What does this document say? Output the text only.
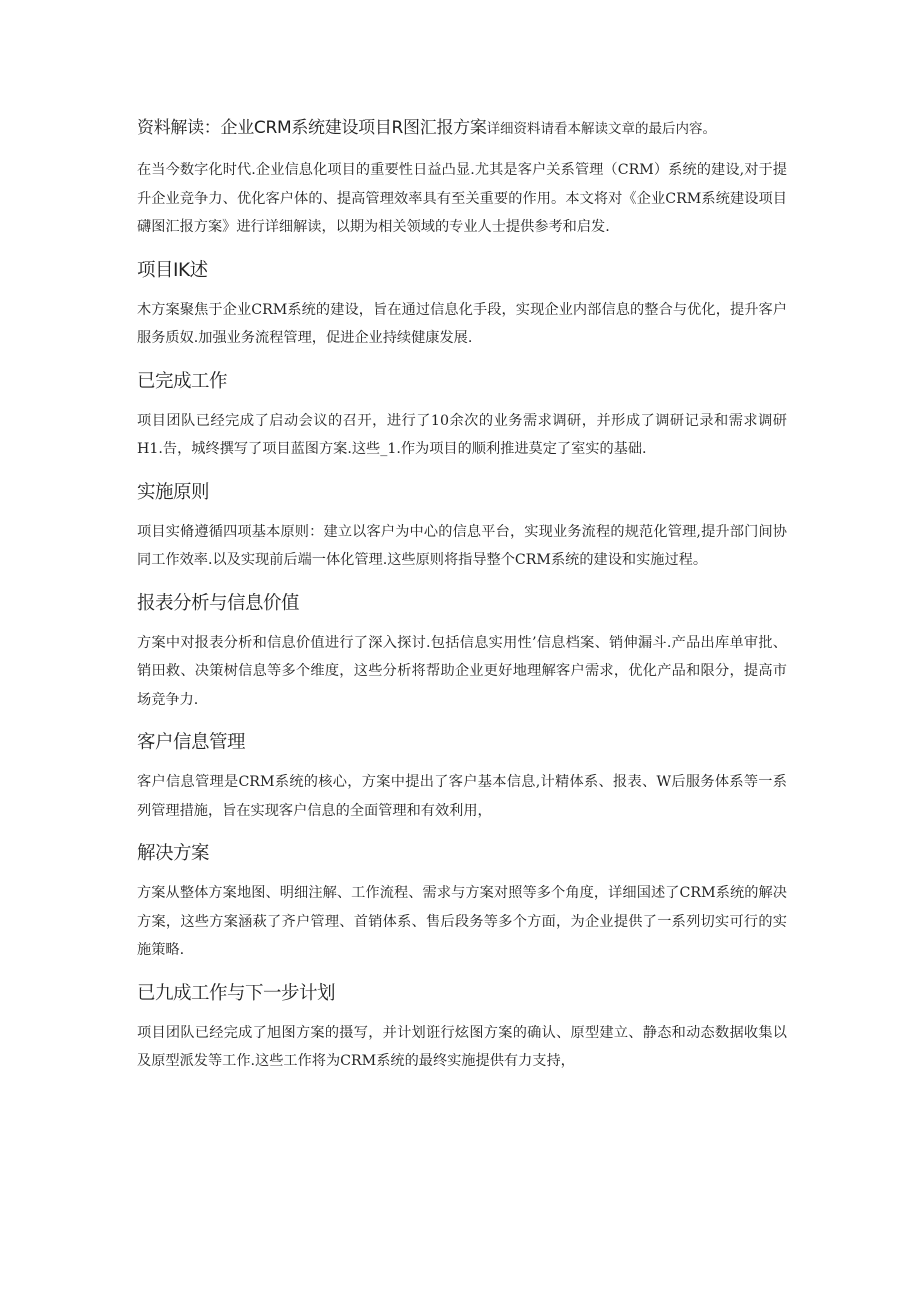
资料解读：企业CRM系统建设项目R图汇报方案详细资料请看本解读文章的最后内容。

在当今数字化时代.企业信息化项目的重要性日益凸显.尤其是客户关系管理（CRM）系统的建设,对于提升企业竞争力、优化客户体的、提高管理效率具有至关重要的作用。本文将对《企业CRM系统建设项目礴图汇报方案》进行详细解读，以期为相关领域的专业人士提供参考和启发.

项目IK述

木方案聚焦于企业CRM系统的建设，旨在通过信息化手段，实现企业内部信息的整合与优化，提升客户服务质奴.加强业务流程管理，促进企业持续健康发展.

已完成工作

项目团队已经完成了启动会议的召开，进行了10余次的业务需求调研，并形成了调研记录和需求调研H1.告，城终撰写了项目蓝图方案.这些_1.作为项目的顺利推进莫定了室实的基础.

实施原则

项目实脩遵循四项基本原则：建立以客户为中心的信息平台，实现业务流程的规范化管理,提升部门间协同工作效率.以及实现前后端一体化管理.这些原则将指导整个CRM系统的建设和实施过程。

报表分析与信息价值

方案中对报表分析和信息价值进行了深入探讨.包括信息实用性’信息档案、销伸漏斗.产品出库单审批、销田救、决策树信息等多个维度，这些分析将帮助企业更好地理解客户需求，优化产品和限分，提高市场竞争力.

客户信息管理

客户信息管理是CRM系统的核心，方案中提出了客户基本信息,计精体系、报表、W后服务体系等一系列管理措施，旨在实现客户信息的全面管理和有效利用，

解决方案

方案从整体方案地图、明细注解、工作流程、需求与方案对照等多个角度，详细国述了CRM系统的解决方案，这些方案涵萩了齐户管理、首销体系、售后段务等多个方面，为企业提供了一系列切实可行的实施策略.

已九成工作与下一步计划

项目团队已经完成了旭图方案的摄写，并计划诳行炫图方案的确认、原型建立、静态和动态数据收集以及原型派发等工作.这些工作将为CRM系统的最终实施提供有力支持，
